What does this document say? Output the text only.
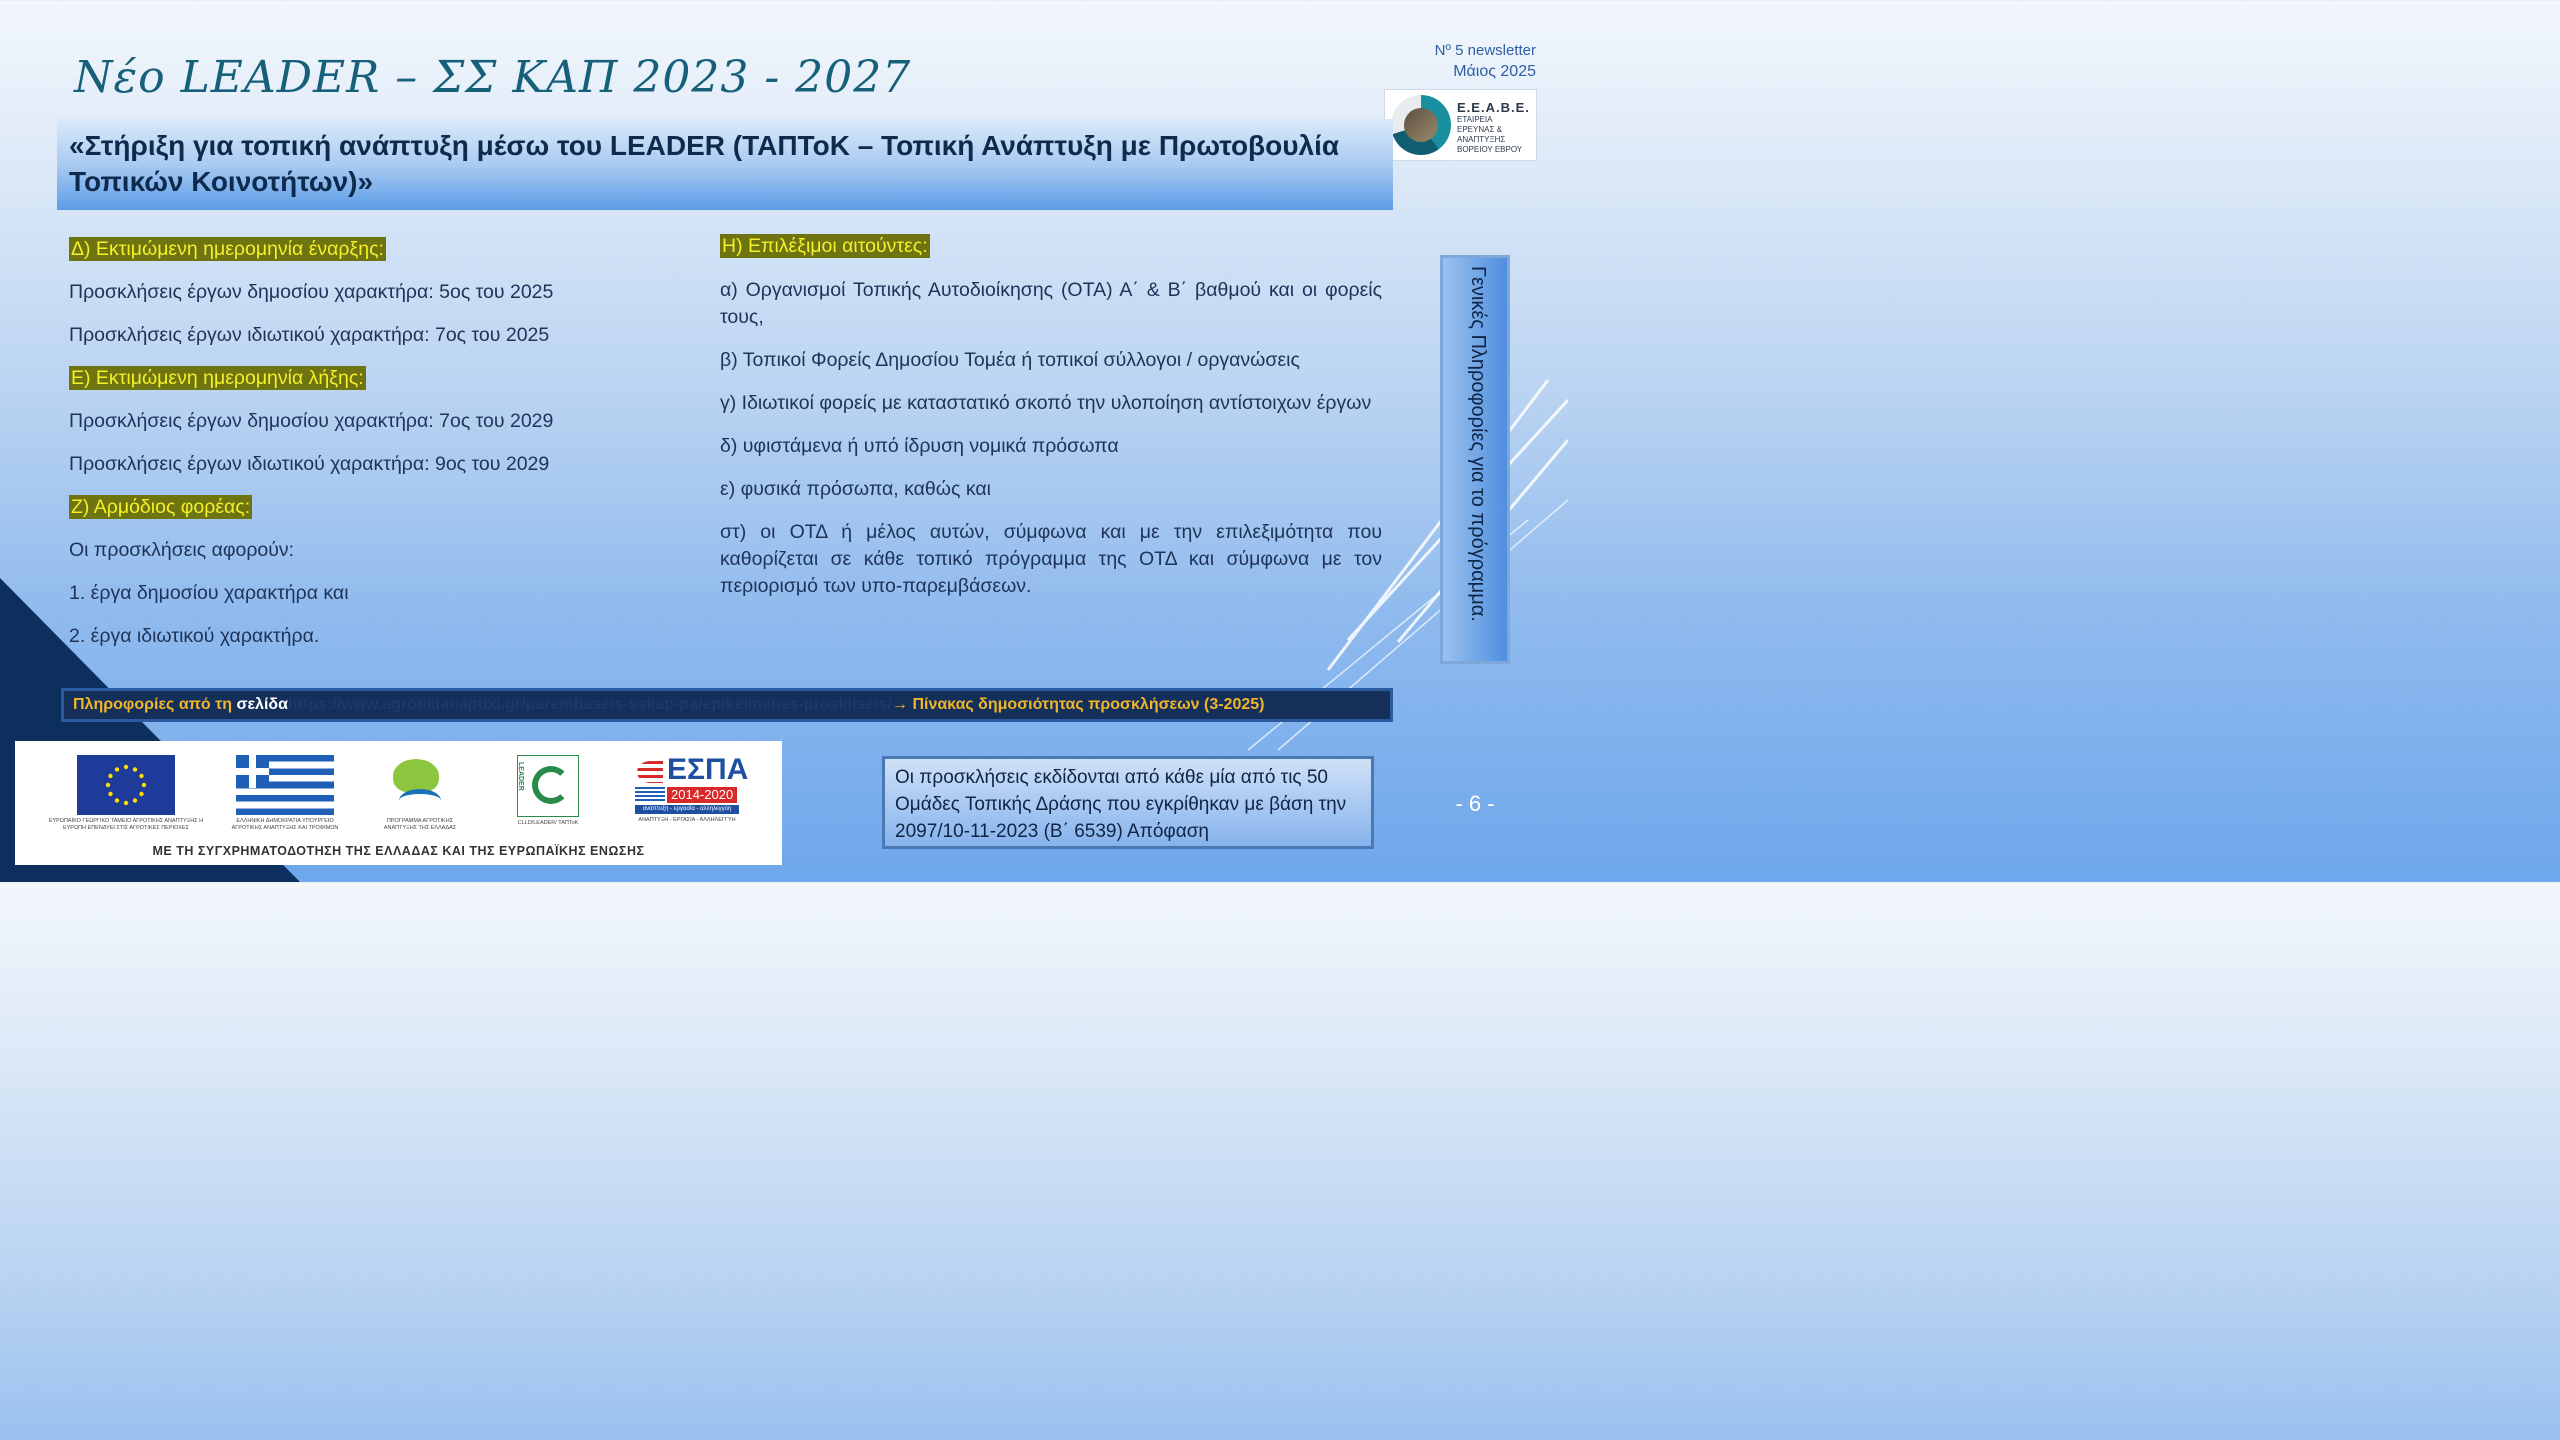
Νέο LEADER – ΣΣ ΚΑΠ 2023 - 2027
Nº 5 newsletter
Μάιος 2025
Ε.Ε.Α.Β.Ε.
ΕΤΑΙΡΕΙΑ
ΕΡΕΥΝΑΣ &
ΑΝΑΠΤΥΞΗΣ
ΒΟΡΕΙΟΥ ΕΒΡΟΥ

«Στήριξη για τοπική ανάπτυξη μέσω του LEADER (ΤΑΠΤοΚ – Τοπική Ανάπτυξη με Πρωτοβουλία Τοπικών Κοινοτήτων)»

Δ) Εκτιμώμενη ημερομηνία έναρξης:

Προσκλήσεις έργων δημοσίου χαρακτήρα: 5ος του 2025

Προσκλήσεις έργων ιδιωτικού χαρακτήρα: 7ος του 2025

Ε) Εκτιμώμενη ημερομηνία λήξης:

Προσκλήσεις έργων δημοσίου χαρακτήρα: 7ος του 2029

Προσκλήσεις έργων ιδιωτικού χαρακτήρα: 9ος του 2029

Ζ) Αρμόδιος φορέας:

Οι προσκλήσεις αφορούν:

1. έργα δημοσίου χαρακτήρα και

2. έργα ιδιωτικού χαρακτήρα.

Η) Επιλέξιμοι αιτούντες:

α) Οργανισμοί Τοπικής Αυτοδιοίκησης (ΟΤΑ) Α΄ & Β΄ βαθμού και οι φορείς τους,

β) Τοπικοί Φορείς Δημοσίου Τομέα ή τοπικοί σύλλογοι / οργανώσεις

γ) Ιδιωτικοί φορείς με καταστατικό σκοπό την υλοποίηση αντίστοιχων έργων

δ) υφιστάμενα ή υπό ίδρυση νομικά πρόσωπα

ε) φυσικά πρόσωπα, καθώς και

στ) οι ΟΤΔ ή μέλος αυτών, σύμφωνα και με την επιλεξιμότητα που καθορίζεται σε κάθε τοπικό πρόγραμμα της ΟΤΔ και σύμφωνα με τον περιορισμό των υπο-παρεμβάσεων.	Γενικές Πληροφορίες για το πρόγραμμα.
Πληροφορίες από τη σελίδαhttps://www.agrotikianaptixi.gr/parembaseis-sskap-pa/epikeimenes-proskliseis/→ Πίνακας δημοσιότητας προσκλήσεων (3-2025)
ΕΥΡΩΠΑΪΚΟ ΓΕΩΡΓΙΚΟ ΤΑΜΕΙΟ ΑΓΡΟΤΙΚΗΣ ΑΝΑΠΤΥΞΗΣ Η ΕΥΡΩΠΗ ΕΠΕΝΔΥΕΙ ΣΤΙΣ ΑΓΡΟΤΙΚΕΣ ΠΕΡΙΟΧΕΣ
ΕΛΛΗΝΙΚΗ ΔΗΜΟΚΡΑΤΙΑ ΥΠΟΥΡΓΕΙΟ ΑΓΡΟΤΙΚΗΣ ΑΝΑΠΤΥΞΗΣ ΚΑΙ ΤΡΟΦΙΜΩΝ
ΠΡΟΓΡΑΜΜΑ ΑΓΡΟΤΙΚΗΣ ΑΝΑΠΤΥΞΗΣ ΤΗΣ ΕΛΛΑΔΑΣ
LEADER
CLLD/LEADER/ ΤΑΠΤοΚ
ΕΣΠΑ
2014-2020
ανάπτυξη - εργασία - αλληλεγγύη
ΑΝΑΠΤΥΞΗ - ΕΡΓΑΣΙΑ - ΑΛΛΗΛΕΓΓΥΗ
ΜΕ ΤΗ ΣΥΓΧΡΗΜΑΤΟΔΟΤΗΣΗ ΤΗΣ ΕΛΛΑΔΑΣ ΚΑΙ ΤΗΣ ΕΥΡΩΠΑΪΚΗΣ ΕΝΩΣΗΣ
Οι προσκλήσεις εκδίδονται από κάθε μία από τις 50 Ομάδες Τοπικής Δράσης που εγκρίθηκαν με βάση την 2097/10-11-2023 (Β΄ 6539) Απόφαση
- 6 -
